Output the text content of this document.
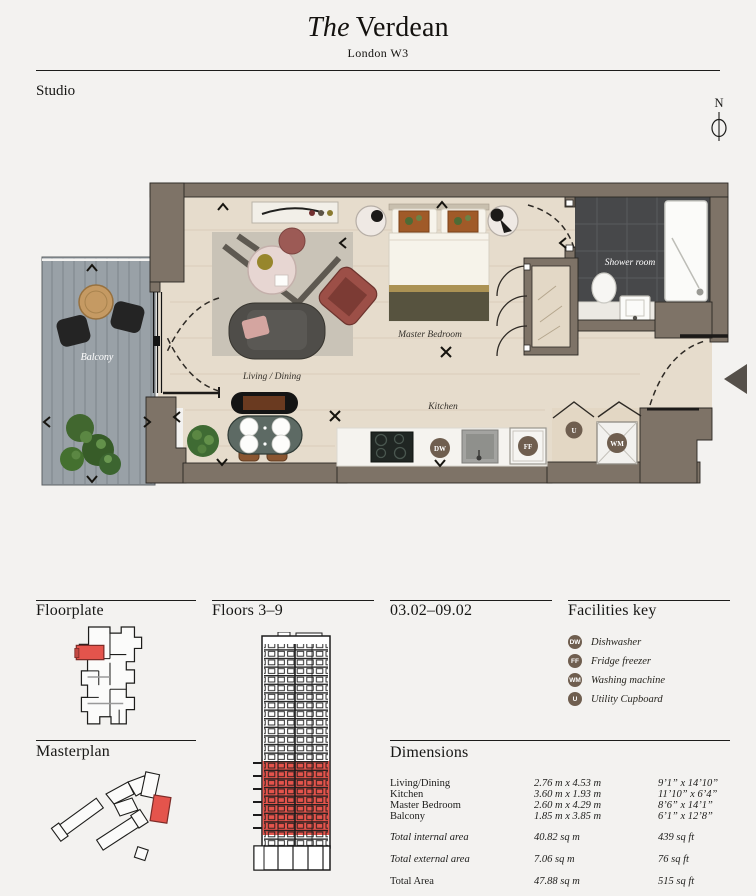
The Verdean
London W3
Studio
N
Balcony
Shower room
DW	FF	WM
U
Living / Dining
Master Bedroom
Kitchen
Floorplate
Masterplan
Floors 3–9	03.02–09.02	Facilities key
DW Dishwasher
FF Fridge freezer
WM Washing machine
U	Utility Cupboard
Dimensions
Living/Dining	2.76 m x 4.53 m	9’1” x 14’10”
Kitchen	3.60 m x 1.93 m	11’10” x 6’4”
Master Bedroom	2.60 m x 4.29 m	8’6” x 14’1”
Balcony	1.85 m x 3.85 m	6’1” x 12’8”
Total internal area	40.82 sq m	439 sq ft
Total external area	7.06 sq m	76 sq ft
Total Area	47.88 sq m	515 sq ft
